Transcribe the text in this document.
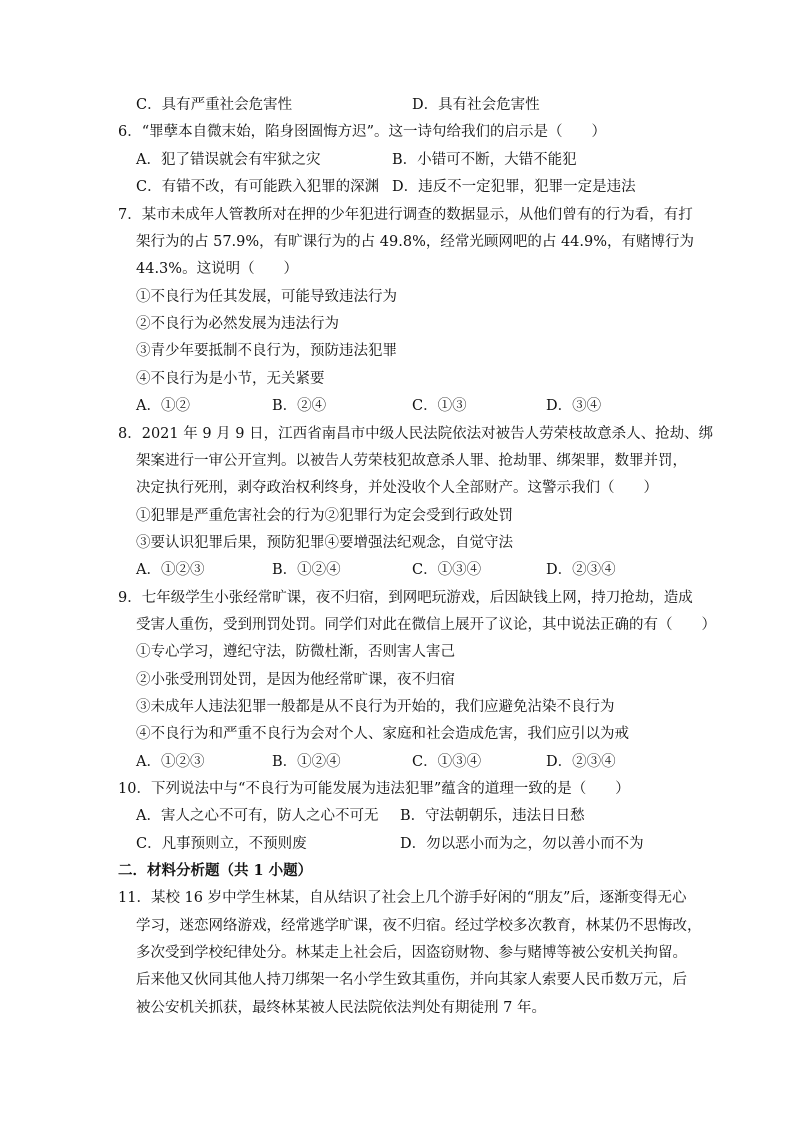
C．具有严重社会危害性	D．具有社会危害性
6．“罪孽本自微末始，陷身囹圄悔方迟”。这一诗句给我们的启示是（　　）
A．犯了错误就会有牢狱之灾	B．小错可不断，大错不能犯
C．有错不改，有可能跌入犯罪的深渊 D．违反不一定犯罪，犯罪一定是违法
7．某市未成年人管教所对在押的少年犯进行调查的数据显示，从他们曾有的行为看，有打
架行为的占 57.9%，有旷课行为的占 49.8%，经常光顾网吧的占 44.9%，有赌博行为
44.3%。这说明（　　）
①不良行为任其发展，可能导致违法行为
②不良行为必然发展为违法行为
③青少年要抵制不良行为，预防违法犯罪
④不良行为是小节，无关紧要
A．①②	B．②④	C．①③	D．③④
8．2021 年 9 月 9 日，江西省南昌市中级人民法院依法对被告人劳荣枝故意杀人、抢劫、绑
架案进行一审公开宣判。以被告人劳荣枝犯故意杀人罪、抢劫罪、绑架罪，数罪并罚，
决定执行死刑，剥夺政治权利终身，并处没收个人全部财产。这警示我们（　　）
①犯罪是严重危害社会的行为②犯罪行为定会受到行政处罚
③要认识犯罪后果，预防犯罪④要增强法纪观念，自觉守法
A．①②③	B．①②④	C．①③④	D．②③④
9．七年级学生小张经常旷课，夜不归宿，到网吧玩游戏，后因缺钱上网，持刀抢劫，造成
受害人重伤，受到刑罚处罚。同学们对此在微信上展开了议论，其中说法正确的有（　　）
①专心学习，遵纪守法，防微杜渐，否则害人害己
②小张受刑罚处罚，是因为他经常旷课，夜不归宿
③未成年人违法犯罪一般都是从不良行为开始的，我们应避免沾染不良行为
④不良行为和严重不良行为会对个人、家庭和社会造成危害，我们应引以为戒
A．①②③	B．①②④	C．①③④	D．②③④
10．下列说法中与“不良行为可能发展为违法犯罪”蕴含的道理一致的是（　　）
A．害人之心不可有，防人之心不可无 B．守法朝朝乐，违法日日愁
C．凡事预则立，不预则废	D．勿以恶小而为之，勿以善小而不为
二．材料分析题（共 1 小题）
11．某校 16 岁中学生林某，自从结识了社会上几个游手好闲的“朋友”后，逐渐变得无心
学习，迷恋网络游戏，经常逃学旷课，夜不归宿。经过学校多次教育，林某仍不思悔改，
多次受到学校纪律处分。林某走上社会后，因盗窃财物、参与赌博等被公安机关拘留。
后来他又伙同其他人持刀绑架一名小学生致其重伤，并向其家人索要人民币数万元，后
被公安机关抓获，最终林某被人民法院依法判处有期徒刑 7 年。
